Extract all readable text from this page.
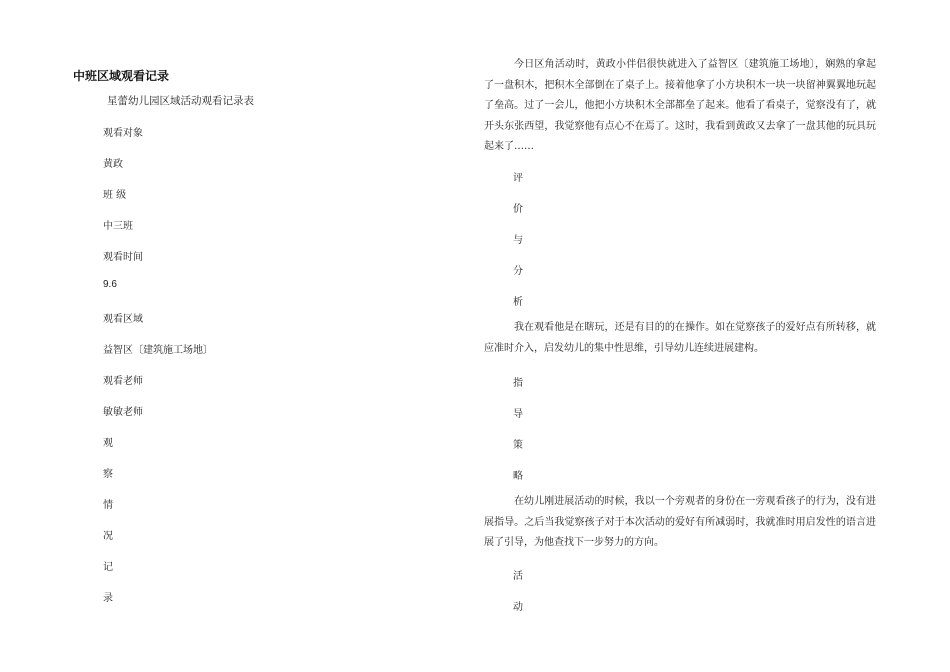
中班区域观看记录
星蕾幼儿园区域活动观看记录表
观看对象
黄政
班 级
中三班
观看时间
9.6
观看区域
益智区〔建筑施工场地〕
观看老师
敏敏老师
观
察
情
况
记
录
今日区角活动时，黄政小伴侣很快就进入了益智区〔建筑施工场地〕，娴熟的拿起了一盘积木，把积木全部倒在了桌子上。接着他拿了小方块积木一块一块留神翼翼地玩起了垒高。过了一会儿，他把小方块积木全部都垒了起来。他看了看桌子，觉察没有了，就开头东张西望，我觉察他有点心不在焉了。这时，我看到黄政又去拿了一盘其他的玩具玩起来了……
评
价
与
分
析
我在观看他是在瞎玩，还是有目的的在操作。如在觉察孩子的爱好点有所转移，就应准时介入，启发幼儿的集中性思维，引导幼儿连续进展建构。
指
导
策
略
在幼儿刚进展活动的时候，我以一个旁观者的身份在一旁观看孩子的行为，没有进展指导。之后当我觉察孩子对于本次活动的爱好有所减弱时，我就准时用启发性的语言进展了引导，为他查找下一步努力的方向。
活
动
